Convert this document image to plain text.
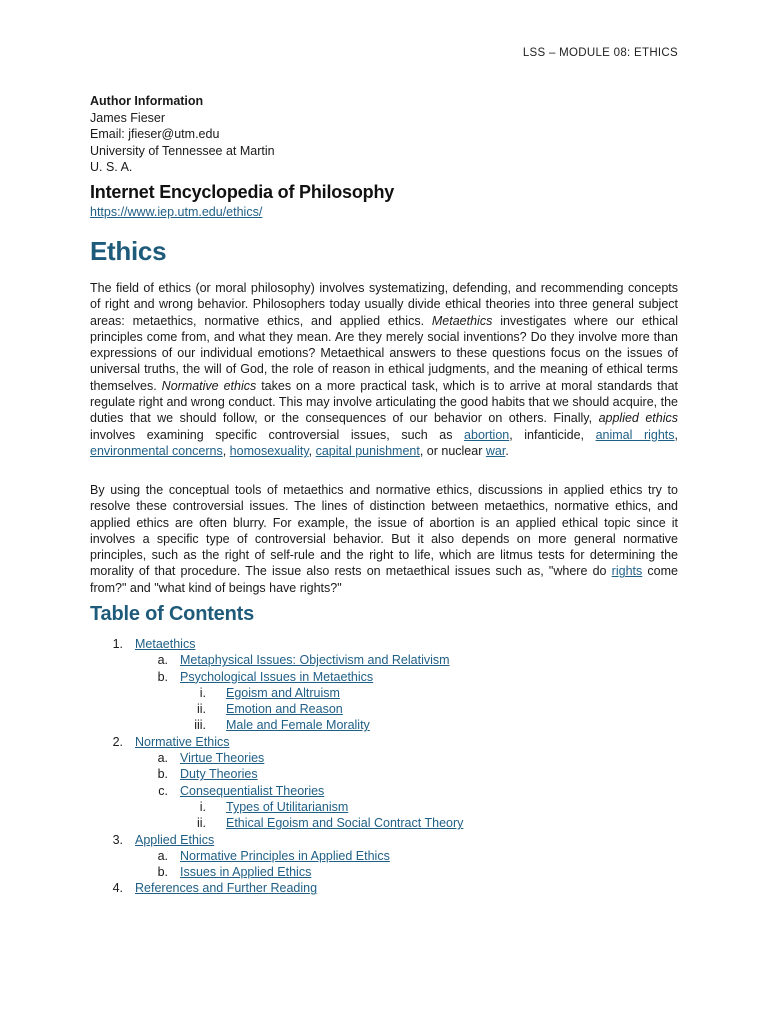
LSS – MODULE 08: ETHICS
Author Information
James Fieser
Email: jfieser@utm.edu
University of Tennessee at Martin
U. S. A.
Internet Encyclopedia of Philosophy
https://www.iep.utm.edu/ethics/
Ethics

The field of ethics (or moral philosophy) involves systematizing, defending, and recommending concepts of right and wrong behavior. Philosophers today usually divide ethical theories into three general subject areas: metaethics, normative ethics, and applied ethics. Metaethics investigates where our ethical principles come from, and what they mean. Are they merely social inventions? Do they involve more than expressions of our individual emotions? Metaethical answers to these questions focus on the issues of universal truths, the will of God, the role of reason in ethical judgments, and the meaning of ethical terms themselves. Normative ethics takes on a more practical task, which is to arrive at moral standards that regulate right and wrong conduct. This may involve articulating the good habits that we should acquire, the duties that we should follow, or the consequences of our behavior on others. Finally, applied ethics involves examining specific controversial issues, such as abortion, infanticide, animal rights, environmental concerns, homosexuality, capital punishment, or nuclear war.

By using the conceptual tools of metaethics and normative ethics, discussions in applied ethics try to resolve these controversial issues. The lines of distinction between metaethics, normative ethics, and applied ethics are often blurry. For example, the issue of abortion is an applied ethical topic since it involves a specific type of controversial behavior. But it also depends on more general normative principles, such as the right of self-rule and the right to life, which are litmus tests for determining the morality of that procedure. The issue also rests on metaethical issues such as, "where do rights come from?" and "what kind of beings have rights?"

Table of Contents
1. Metaethics
a. Metaphysical Issues: Objectivism and Relativism
b. Psychological Issues in Metaethics
i. Egoism and Altruism
ii. Emotion and Reason
iii. Male and Female Morality
2. Normative Ethics
a. Virtue Theories
b. Duty Theories
c. Consequentialist Theories
i. Types of Utilitarianism
ii. Ethical Egoism and Social Contract Theory
3. Applied Ethics
a. Normative Principles in Applied Ethics
b. Issues in Applied Ethics
4. References and Further Reading
